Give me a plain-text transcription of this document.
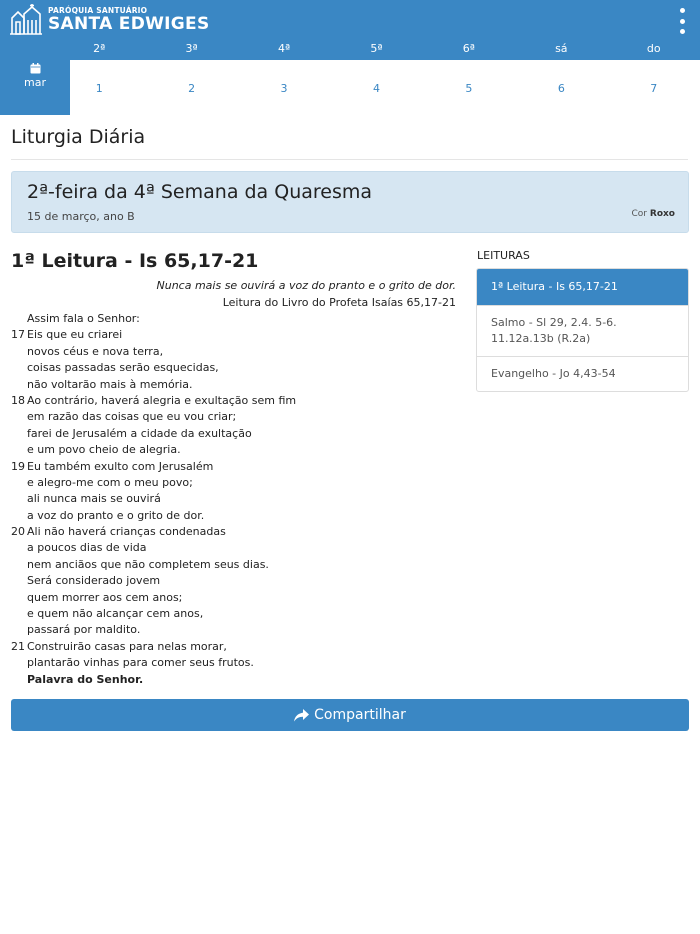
PARÓQUIA SANTUÁRIO
SANTA EDWIGES
2ª	3ª	4ª	5ª	6ª	sá	do
1	2	3	4	5	6	7
mar
Liturgia Diária
2ª-feira da 4ª Semana da Quaresma
15 de março, ano B	Cor Roxo
1ª Leitura - Is 65,17-21
Nunca mais se ouvirá a voz do pranto e o grito de dor.
Leitura do Livro do Profeta Isaías 65,17-21
Assim fala o Senhor:
17 Eis que eu criarei
novos céus e nova terra,
coisas passadas serão esquecidas,
não voltarão mais à memória.
18 Ao contrário, haverá alegria e exultação sem fim
em razão das coisas que eu vou criar;
farei de Jerusalém a cidade da exultação
e um povo cheio de alegria.
19 Eu também exulto com Jerusalém
e alegro-me com o meu povo;
ali nunca mais se ouvirá
a voz do pranto e o grito de dor.
20 Ali não haverá crianças condenadas
a poucos dias de vida
nem anciãos que não completem seus dias.
Será considerado jovem
quem morrer aos cem anos;
e quem não alcançar cem anos,
passará por maldito.
21 Construirão casas para nelas morar,
plantarão vinhas para comer seus frutos.
Palavra do Senhor.
LEITURAS
1ª Leitura - Is 65,17-21
Salmo - Sl 29, 2.4. 5-6. 11.12a.13b (R.2a)
Evangelho - Jo 4,43-54
Compartilhar
